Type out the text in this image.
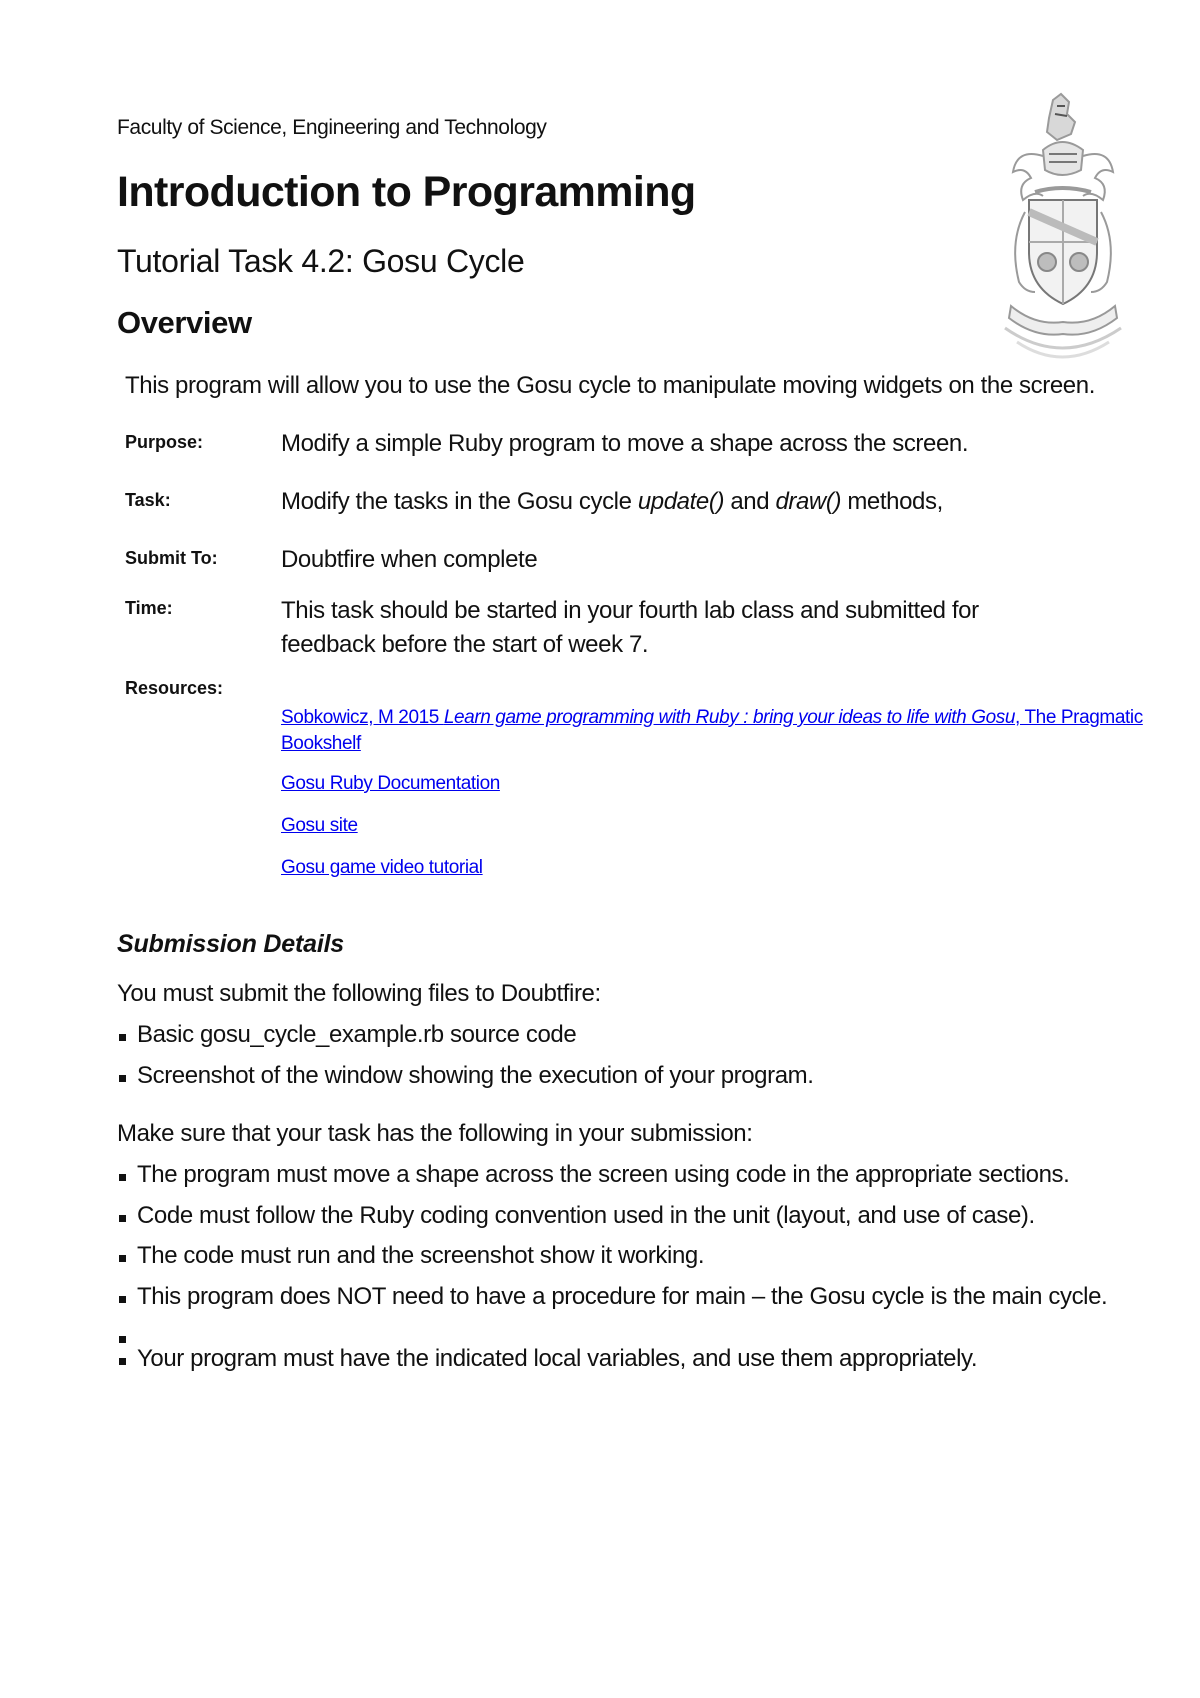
Faculty of Science, Engineering and Technology
Introduction to Programming
Tutorial Task 4.2: Gosu Cycle
Overview
This program will allow you to use the Gosu cycle to manipulate moving widgets on the screen.
Purpose:	Modify a simple Ruby program to move a shape across the screen.
Task:	Modify the tasks in the Gosu cycle update() and draw() methods,
Submit To:	Doubtfire when complete
Time:	This task should be started in your fourth lab class and submitted for
feedback before the start of week 7.
Resources:
Sobkowicz, M 2015 Learn game programming with Ruby : bring your ideas to life with Gosu, The Pragmatic
Bookshelf
Gosu Ruby Documentation
Gosu site
Gosu game video tutorial
Submission Details
You must submit the following files to Doubtfire:
Basic gosu_cycle_example.rb source code
Screenshot of the window showing the execution of your program.
Make sure that your task has the following in your submission:
The program must move a shape across the screen using code in the appropriate sections.
Code must follow the Ruby coding convention used in the unit (layout, and use of case).
The code must run and the screenshot show it working.
This program does NOT need to have a procedure for main – the Gosu cycle is the main cycle.
Your program must have the indicated local variables, and use them appropriately.
